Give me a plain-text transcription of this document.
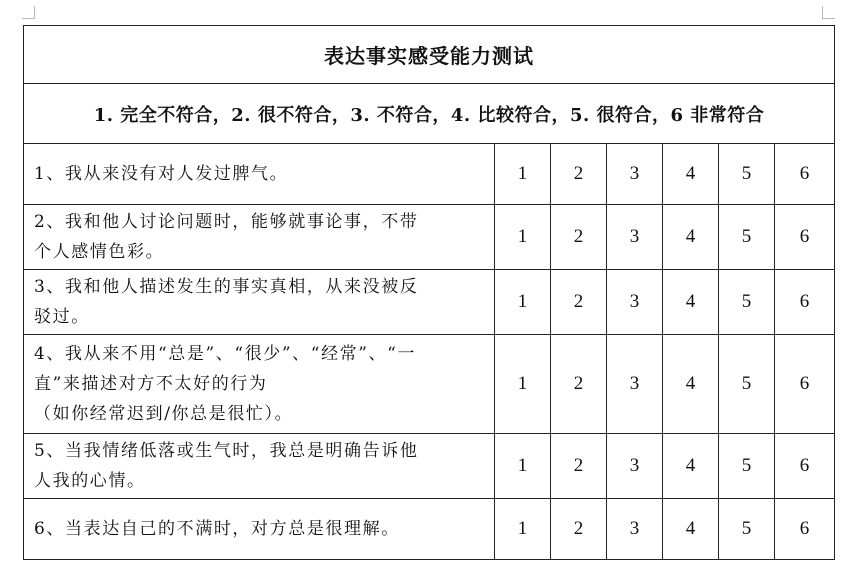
表达事实感受能力测试						
1. 完全不符合，2. 很不符合，3. 不符合，4. 比较符合，5. 很符合，6 非常符合						

1、我从来没有对人发过脾气。	1	2	3	4	5	6

2、我和他人讨论问题时，能够就事论事，不带
个人感情色彩。	1	2	3	4	5	6

3、我和他人描述发生的事实真相，从来没被反
驳过。	1	2	3	4	5	6

4、我从来不用“总是”、“很少”、“经常”、“一
直”来描述对方不太好的行为
（如你经常迟到/你总是很忙）。	1	2	3	4	5	6

5、当我情绪低落或生气时，我总是明确告诉他
人我的心情。	1	2	3	4	5	6

6、当表达自己的不满时，对方总是很理解。	1	2	3	4	5	6
